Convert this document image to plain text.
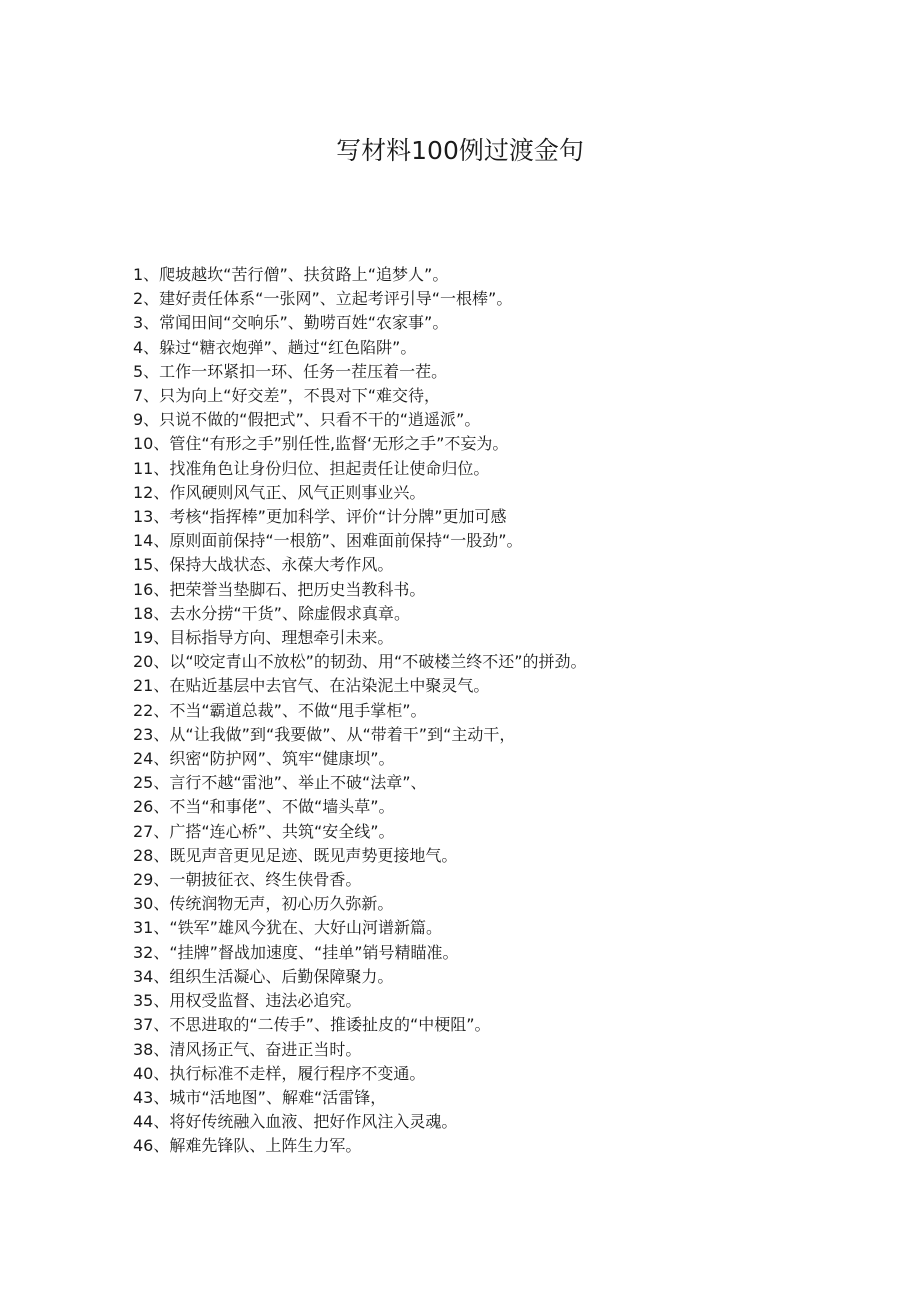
写材料100例过渡金句
1、爬坡越坎“苦行僧”、扶贫路上“追梦人”。
2、建好责任体系“一张网”、立起考评引导“一根棒”。
3、常闻田间“交响乐”、勤唠百姓“农家事”。
4、躲过“糖衣炮弹”、趟过“红色陷阱”。
5、工作一环紧扣一环、任务一茬压着一茬。
7、只为向上“好交差”，不畏对下“难交待，
9、只说不做的“假把式”、只看不干的“逍遥派”。
10、管住“有形之手”别任性,监督‘无形之手”不妄为。
11、找准角色让身份归位、担起责任让使命归位。
12、作风硬则风气正、风气正则事业兴。
13、考核“指挥棒”更加科学、评价“计分牌”更加可感
14、原则面前保持“一根筋”、困难面前保持“一股劲”。
15、保持大战状态、永葆大考作风。
16、把荣誉当垫脚石、把历史当教科书。
18、去水分捞“干货”、除虚假求真章。
19、目标指导方向、理想牵引未来。
20、以“咬定青山不放松”的韧劲、用“不破楼兰终不还”的拼劲。
21、在贴近基层中去官气、在沾染泥土中聚灵气。
22、不当“霸道总裁”、不做“甩手掌柜”。
23、从“让我做”到“我要做”、从“带着干”到“主动干，
24、织密“防护网”、筑牢“健康坝”。
25、言行不越“雷池”、举止不破“法章”、
26、不当“和事佬”、不做“墙头草”。
27、广搭“连心桥”、共筑“安全线”。
28、既见声音更见足迹、既见声势更接地气。
29、一朝披征衣、终生侠骨香。
30、传统润物无声，初心历久弥新。
31、“铁军”雄风今犹在、大好山河谱新篇。
32、“挂牌”督战加速度、“挂单”销号精瞄准。
34、组织生活凝心、后勤保障聚力。
35、用权受监督、违法必追究。
37、不思进取的“二传手”、推诿扯皮的“中梗阻”。
38、清风扬正气、奋进正当时。
40、执行标准不走样，履行程序不变通。
43、城市“活地图”、解难“活雷锋，
44、将好传统融入血液、把好作风注入灵魂。
46、解难先锋队、上阵生力军。
